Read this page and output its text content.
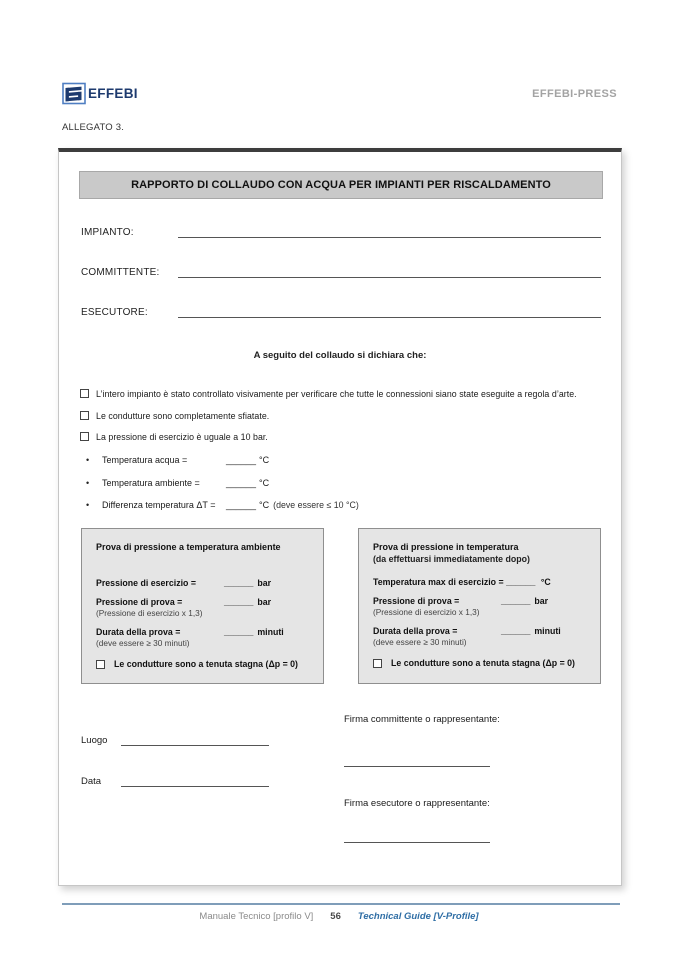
EFFEBI	EFFEBI-PRESS
ALLEGATO 3.
RAPPORTO DI COLLAUDO CON ACQUA PER IMPIANTI PER RISCALDAMENTO
IMPIANTO:
COMMITTENTE:
ESECUTORE:
A seguito del collaudo si dichiara che:
L’intero impianto è stato controllato visivamente per verificare che tutte le connessioni siano state eseguite a regola d’arte.
Le condutture sono completamente sfiatate.
La pressione di esercizio è uguale a 10 bar.
•	Temperatura acqua =	______ °C
•	Temperatura ambiente =	______ °C
•	Differenza temperatura ΔT =	______ °C (deve essere ≤ 10 °C)
Prova di pressione a temperatura ambiente
Pressione di esercizio =	______ bar
Pressione di prova =	______ bar
(Pressione di esercizio x 1,3)
Durata della prova =	______ minuti
(deve essere ≥ 30 minuti)
Le condutture sono a tenuta stagna (Δp = 0)
Prova di pressione in temperatura
(da effettuarsi immediatamente dopo)
Temperatura max di esercizio = ______ °C
Pressione di prova =	______ bar
(Pressione di esercizio x 1,3)
Durata della prova =	______ minuti
(deve essere ≥ 30 minuti)
Le condutture sono a tenuta stagna (Δp = 0)
Firma committente o rappresentante:
Luogo
Data
Firma esecutore o rappresentante:
Manuale Tecnico [profilo V] 56 Technical Guide [V-Profile]
